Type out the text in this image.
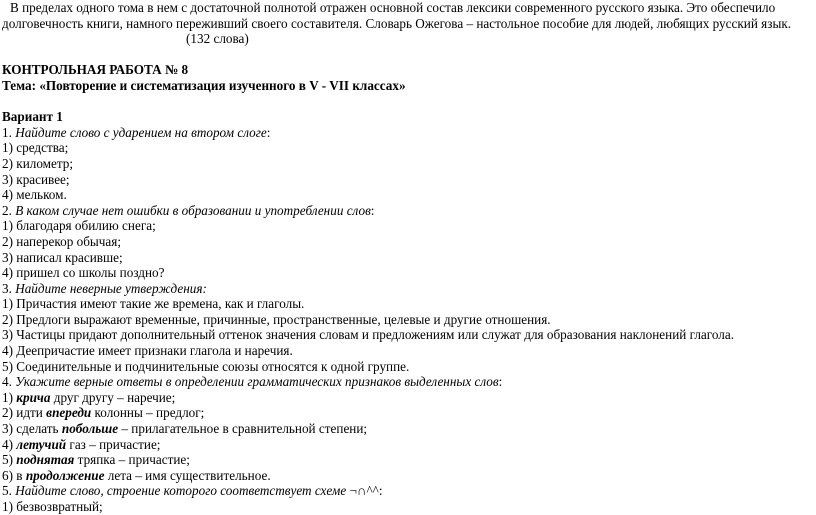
В пределах одного тома в нем с достаточной полнотой отражен основной состав лексики современного русского языка. Это обеспечило
долговечность книги, намного переживший своего составителя. Словарь Ожегова – настольное пособие для людей, любящих русский язык.
(132 слова)
КОНТРОЛЬНАЯ РАБОТА № 8
Тема: «Повторение и систематизация изученного в V - VII классах»
Вариант 1
1. Найдите слово с ударением на втором слоге:
1) средства;
2) километр;
3) красивее;
4) мельком.
2. В каком случае нет ошибки в образовании и употреблении слов:
1) благодаря обилию снега;
2) наперекор обычая;
3) написал красивше;
4) пришел со школы поздно?
3. Найдите неверные утверждения:
1) Причастия имеют такие же времена, как и глаголы.
2) Предлоги выражают временные, причинные, пространственные, целевые и другие отношения.
3) Частицы придают дополнительный оттенок значения словам и предложениям или служат для образования наклонений глагола.
4) Деепричастие имеет признаки глагола и наречия.
5) Соединительные и подчинительные союзы относятся к одной группе.
4. Укажите верные ответы в определении грамматических признаков выделенных слов:
1) крича друг другу – наречие;
2) идти впереди колонны – предлог;
3) сделать побольше – прилагательное в сравнительной степени;
4) летучий газ – причастие;
5) поднятая тряпка – причастие;
6) в продолжение лета – имя существительное.
5. Найдите слово, строение которого соответствует схеме ¬∩^^:
1) безвозвратный;
